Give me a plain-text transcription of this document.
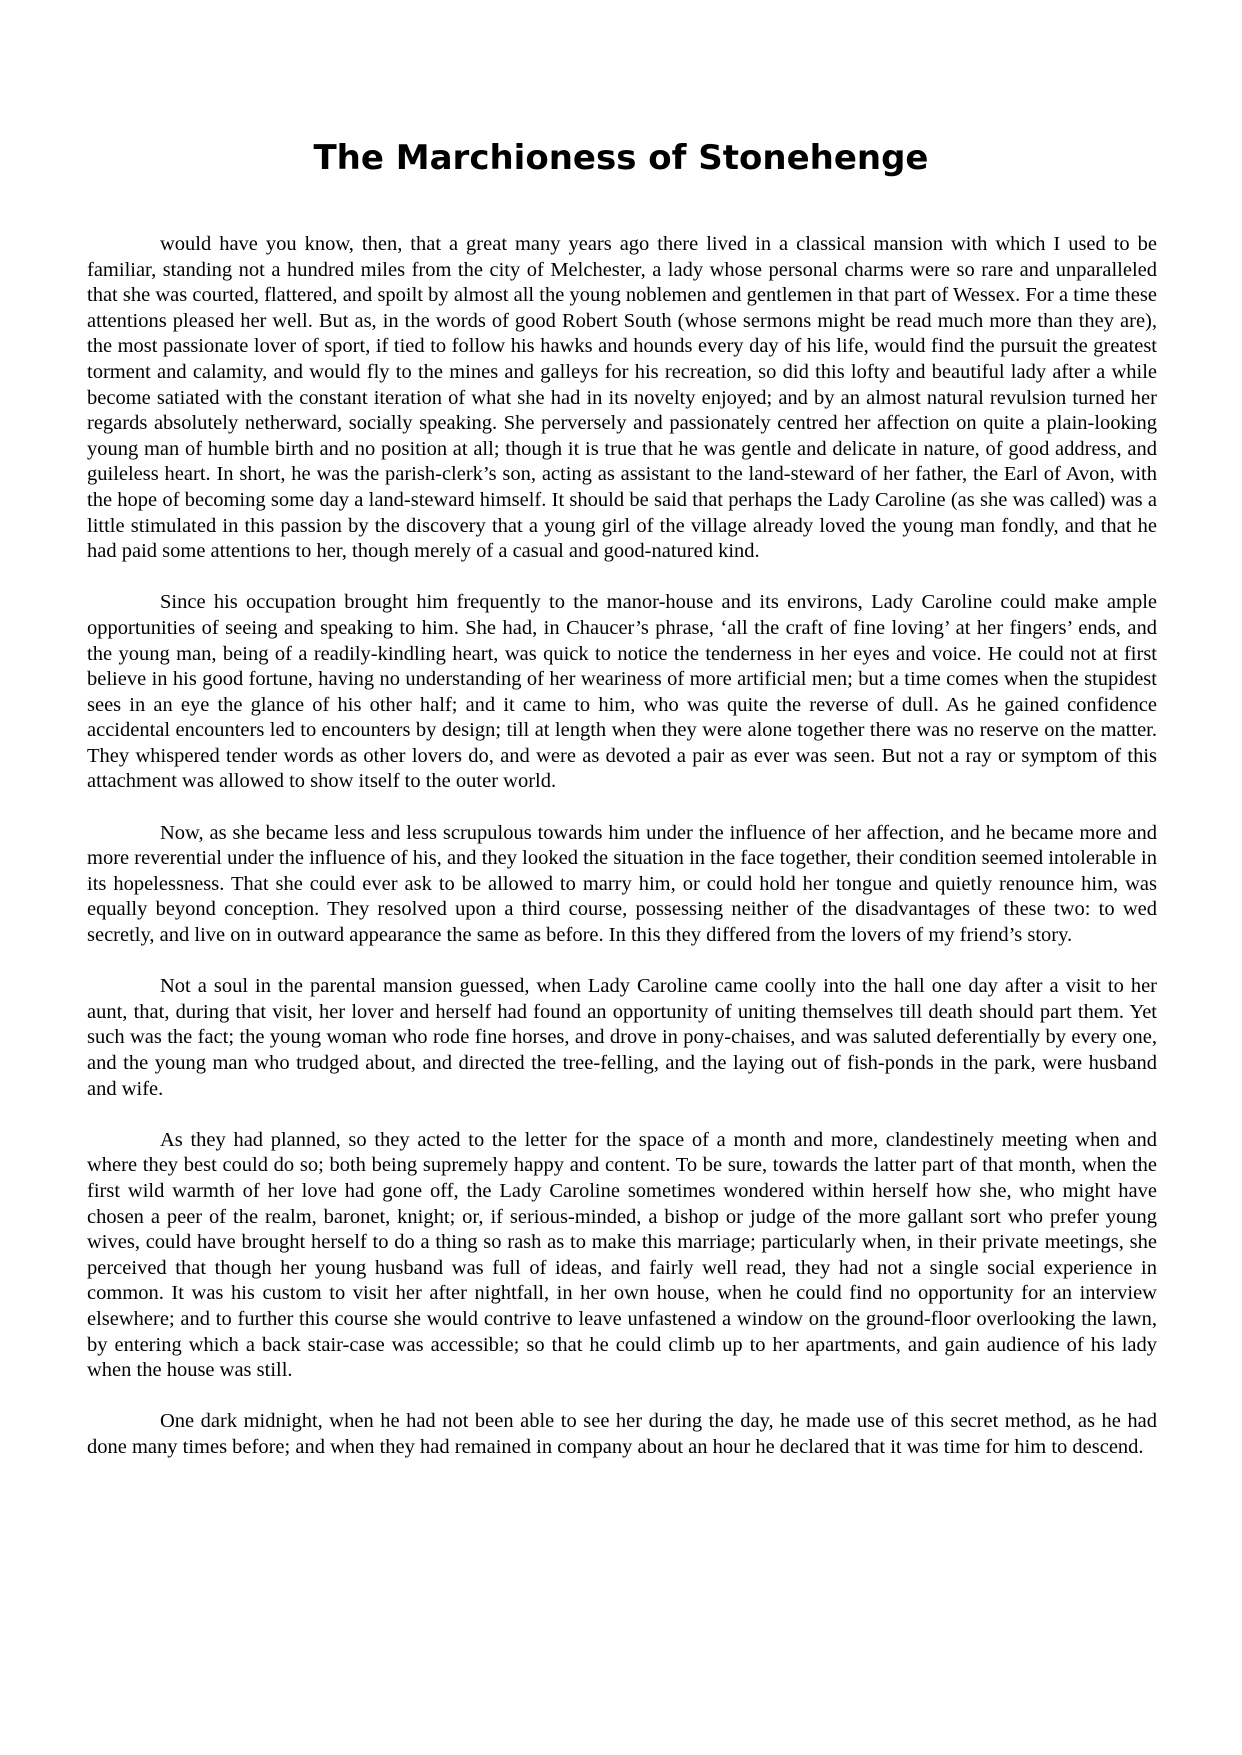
The Marchioness of Stonehenge

would have you know, then, that a great many years ago there lived in a classical mansion with which I used to be familiar, standing not a hundred miles from the city of Melchester, a lady whose personal charms were so rare and unparalleled that she was courted, flattered, and spoilt by almost all the young noblemen and gentlemen in that part of Wessex. For a time these attentions pleased her well. But as, in the words of good Robert South (whose sermons might be read much more than they are), the most passionate lover of sport, if tied to follow his hawks and hounds every day of his life, would find the pursuit the greatest torment and calamity, and would fly to the mines and galleys for his recreation, so did this lofty and beautiful lady after a while become satiated with the constant iteration of what she had in its novelty enjoyed; and by an almost natural revulsion turned her regards absolutely netherward, socially speaking. She perversely and passionately centred her affection on quite a plain-looking young man of humble birth and no position at all; though it is true that he was gentle and delicate in nature, of good address, and guileless heart. In short, he was the parish-clerk’s son, acting as assistant to the land-steward of her father, the Earl of Avon, with the hope of becoming some day a land-steward himself. It should be said that perhaps the Lady Caroline (as she was called) was a little stimulated in this passion by the discovery that a young girl of the village already loved the young man fondly, and that he had paid some attentions to her, though merely of a casual and good-natured kind.

Since his occupation brought him frequently to the manor-house and its environs, Lady Caroline could make ample opportunities of seeing and speaking to him. She had, in Chaucer’s phrase, ‘all the craft of fine loving’ at her fingers’ ends, and the young man, being of a readily-kindling heart, was quick to notice the tenderness in her eyes and voice. He could not at first believe in his good fortune, having no understanding of her weariness of more artificial men; but a time comes when the stupidest sees in an eye the glance of his other half; and it came to him, who was quite the reverse of dull. As he gained confidence accidental encounters led to encounters by design; till at length when they were alone together there was no reserve on the matter. They whispered tender words as other lovers do, and were as devoted a pair as ever was seen. But not a ray or symptom of this attachment was allowed to show itself to the outer world.

Now, as she became less and less scrupulous towards him under the influence of her affection, and he became more and more reverential under the influence of his, and they looked the situation in the face together, their condition seemed intolerable in its hopelessness. That she could ever ask to be allowed to marry him, or could hold her tongue and quietly renounce him, was equally beyond conception. They resolved upon a third course, possessing neither of the disadvantages of these two: to wed secretly, and live on in outward appearance the same as before. In this they differed from the lovers of my friend’s story.

Not a soul in the parental mansion guessed, when Lady Caroline came coolly into the hall one day after a visit to her aunt, that, during that visit, her lover and herself had found an opportunity of uniting themselves till death should part them. Yet such was the fact; the young woman who rode fine horses, and drove in pony-chaises, and was saluted deferentially by every one, and the young man who trudged about, and directed the tree-felling, and the laying out of fish-ponds in the park, were husband and wife.

As they had planned, so they acted to the letter for the space of a month and more, clandestinely meeting when and where they best could do so; both being supremely happy and content. To be sure, towards the latter part of that month, when the first wild warmth of her love had gone off, the Lady Caroline sometimes wondered within herself how she, who might have chosen a peer of the realm, baronet, knight; or, if serious-minded, a bishop or judge of the more gallant sort who prefer young wives, could have brought herself to do a thing so rash as to make this marriage; particularly when, in their private meetings, she perceived that though her young husband was full of ideas, and fairly well read, they had not a single social experience in common. It was his custom to visit her after nightfall, in her own house, when he could find no opportunity for an interview elsewhere; and to further this course she would contrive to leave unfastened a window on the ground-floor overlooking the lawn, by entering which a back stair-case was accessible; so that he could climb up to her apartments, and gain audience of his lady when the house was still.

One dark midnight, when he had not been able to see her during the day, he made use of this secret method, as he had done many times before; and when they had remained in company about an hour he declared that it was time for him to descend.
